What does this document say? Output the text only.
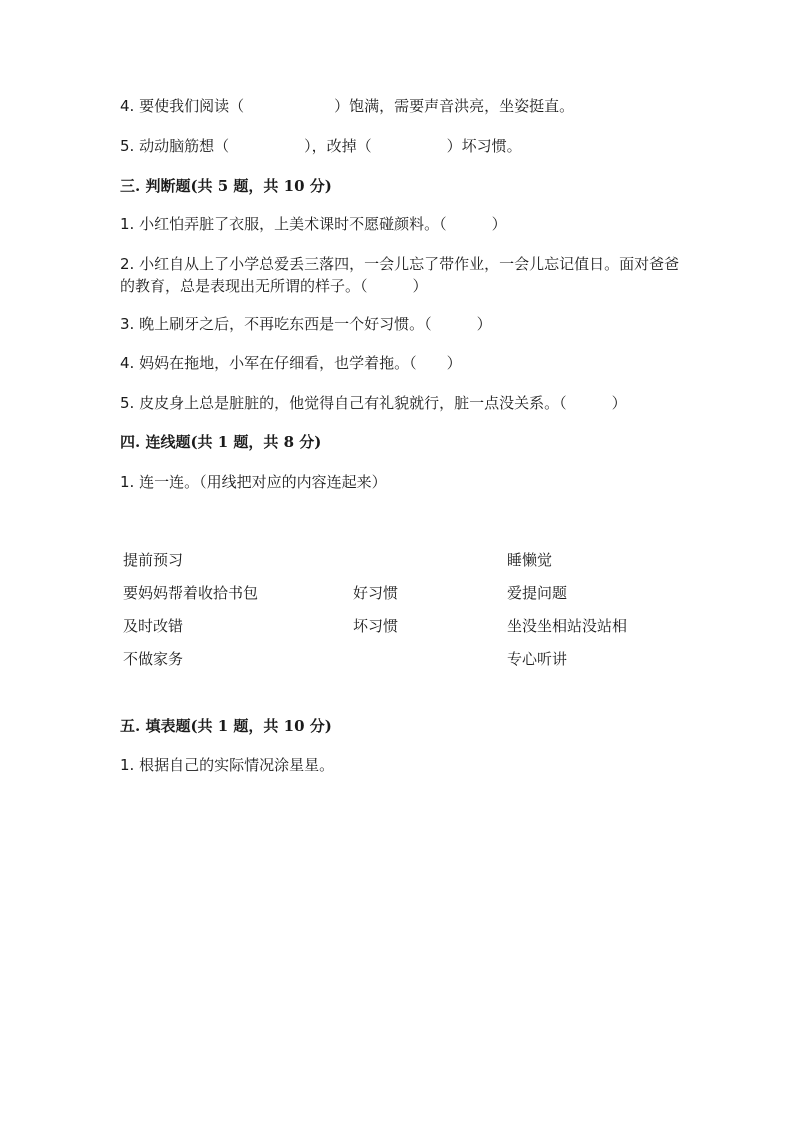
4. 要使我们阅读（　　　　　　）饱满，需要声音洪亮，坐姿挺直。
5. 动动脑筋想（　　　　　），改掉（　　　　　）坏习惯。
三. 判断题(共 5 题，共 10 分)
1. 小红怕弄脏了衣服，上美术课时不愿碰颜料。（　　　）
2. 小红自从上了小学总爱丢三落四，一会儿忘了带作业，一会儿忘记值日。面对爸爸的教育，总是表现出无所谓的样子。（　　　）
3. 晚上刷牙之后，不再吃东西是一个好习惯。（　　　）
4. 妈妈在拖地，小军在仔细看，也学着拖。（　　）
5. 皮皮身上总是脏脏的，他觉得自己有礼貌就行，脏一点没关系。（　　　）
四. 连线题(共 1 题，共 8 分)
1. 连一连。（用线把对应的内容连起来）
提前预习
要妈妈帮着收拾书包
及时改错
不做家务
好习惯
坏习惯
睡懒觉
爱提问题
坐没坐相站没站相
专心听讲
五. 填表题(共 1 题，共 10 分)
1. 根据自己的实际情况涂星星。
